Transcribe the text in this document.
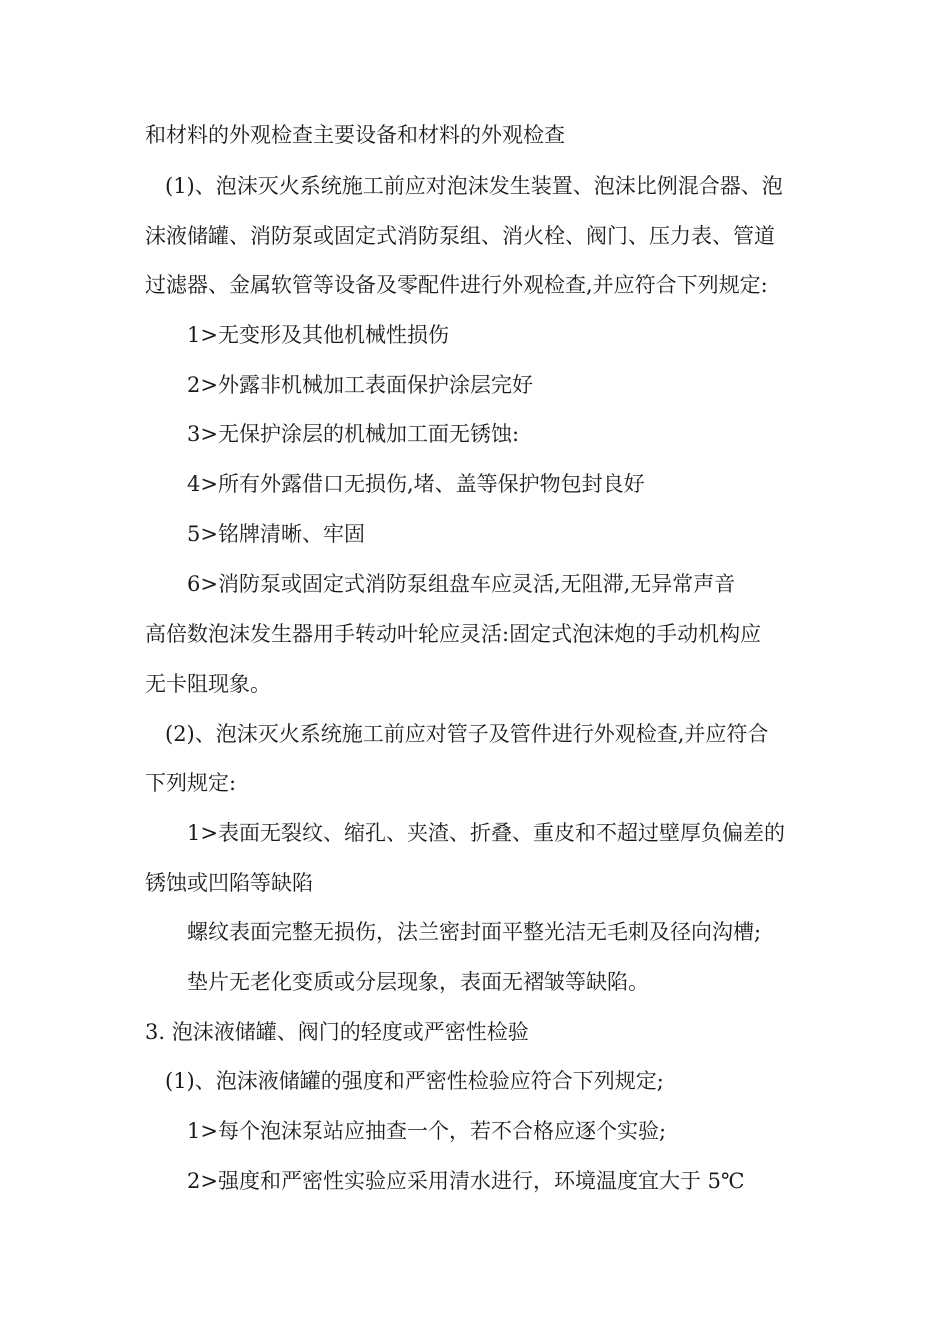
和材料的外观检查主要设备和材料的外观检查
(1)、泡沫灭火系统施工前应对泡沫发生装置、泡沫比例混合器、泡
沫液储罐、消防泵或固定式消防泵组、消火栓、阀门、压力表、管道
过滤器、金属软管等设备及零配件进行外观检查,并应符合下列规定:
1>无变形及其他机械性损伤
2>外露非机械加工表面保护涂层完好
3>无保护涂层的机械加工面无锈蚀:
4>所有外露借口无损伤,堵、盖等保护物包封良好
5>铭牌清晰、牢固
6>消防泵或固定式消防泵组盘车应灵活,无阻滞,无异常声音
高倍数泡沫发生器用手转动叶轮应灵活:固定式泡沫炮的手动机构应
无卡阻现象。
(2)、泡沫灭火系统施工前应对管子及管件进行外观检查,并应符合
下列规定:
1>表面无裂纹、缩孔、夹渣、折叠、重皮和不超过壁厚负偏差的
锈蚀或凹陷等缺陷
螺纹表面完整无损伤，法兰密封面平整光洁无毛刺及径向沟槽;
垫片无老化变质或分层现象，表面无褶皱等缺陷。
3. 泡沫液储罐、阀门的轻度或严密性检验
(1)、泡沫液储罐的强度和严密性检验应符合下列规定;
1>每个泡沫泵站应抽查一个，若不合格应逐个实验;
2>强度和严密性实验应采用清水进行，环境温度宜大于 5℃
